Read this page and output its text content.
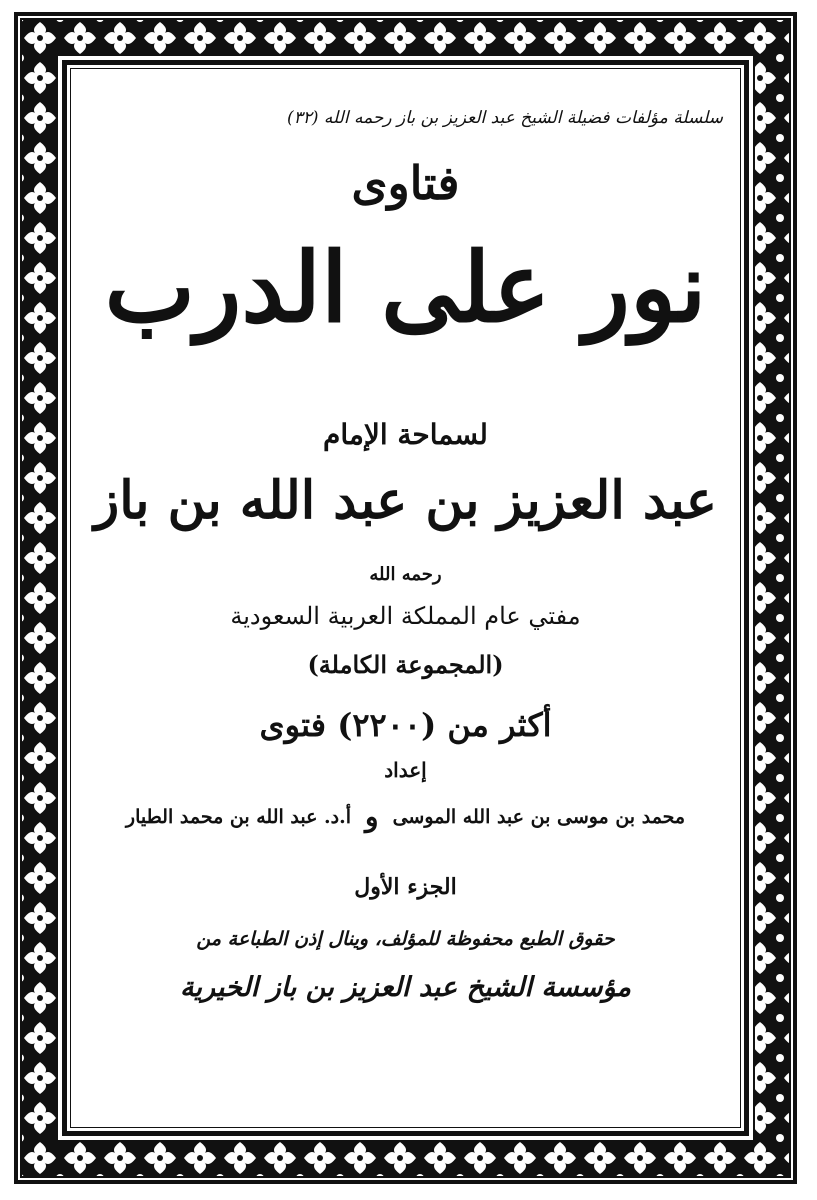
سلسلة مؤلفات فضيلة الشيخ عبد العزيز بن باز رحمه الله (٣٢)
فتاوى
نور على الدرب
لسماحة الإمام
عبد العزيز بن عبد الله بن باز
رحمه الله
مفتي عام المملكة العربية السعودية
(المجموعة الكاملة)
أكثر من (٢٢٠٠) فتوى
إعداد
محمد بن موسى بن عبد الله الموسى
و
أ.د. عبد الله بن محمد الطيار
الجزء الأول
حقوق الطبع محفوظة للمؤلف، وينال إذن الطباعة من
مؤسسة الشيخ عبد العزيز بن باز الخيرية
